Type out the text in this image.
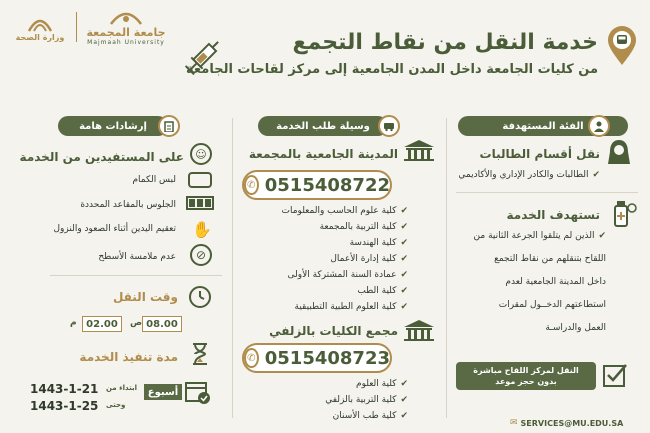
وزارة الصحة جامعة المجمعة
Majmaah University	خدمة النقل من نقاط التجمع
من كليات الجامعة داخل المدن الجامعية إلى مركز لقاحات الجامعة
الفئة المستهدفة
نقل أقسام الطالبات
✔
الطالبات والكادر الإداري والأكاديمي
تستهدف الخدمة
✔
الذين لم يتلقوا الجرعة الثانية من
اللقاح بتنقلهم من نقاط التجمع
داخل المدينة الجامعية لعدم
استطاعتهم الدخــول لمقرات
العمل والدراسـة
النقل لمركز اللقاح مباشرة
بدون حجز موعد
وسيلة طلب الخدمة
المدينة الجامعية بالمجمعة
✆ 0515408722
✔
كلية علوم الحاسب والمعلومات
✔
كلية التربية بالمجمعة
✔
كلية الهندسة
✔
كلية إدارة الأعمال
✔
عمادة السنة المشتركة الأولى
✔
كلية الطب
✔
كلية العلوم الطبية التطبيقية
مجمع الكليات بالزلفي
✆ 0515408723
✔
كلية العلوم
✔
كلية التربية بالزلفي
✔
كلية طب الأسنان
إرشادات هامة
☺
على المستفيدين من الخدمة
لبس الكمام
الجلوس بالمقاعد المحددة
✋
تعقيم اليدين أثناء الصعود والنزول
⊘
عدم ملامسة الأسطح
وقت النقل
08.00
ص
02.00
م
مدة تنفيذ الخدمة
أسبوع
ابتداء من
1443-1-21
وحتى
1443-1-25
✉ SERVICES@MU.EDU.SA
